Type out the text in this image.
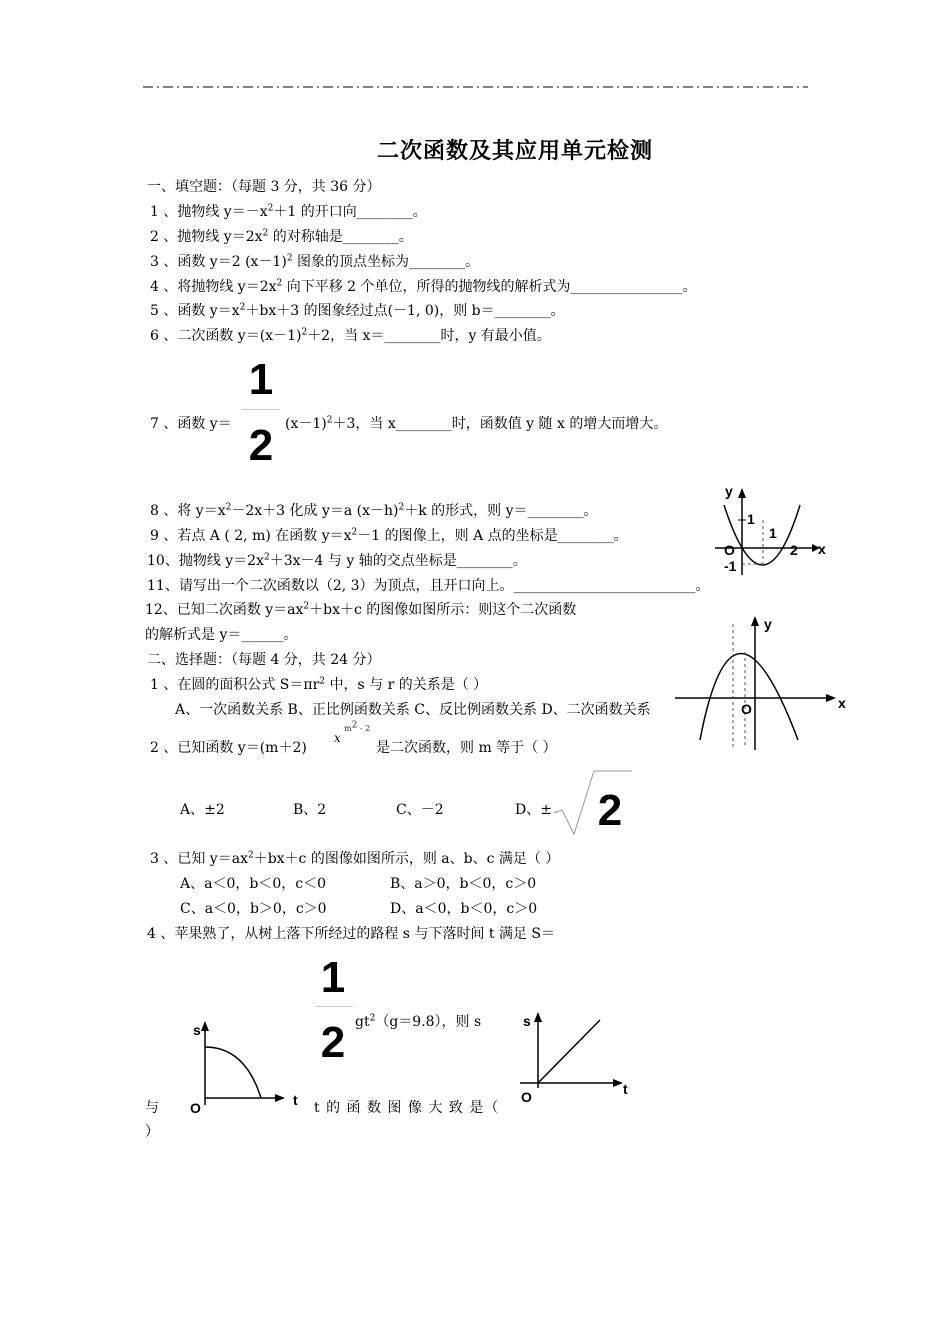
二次函数及其应用单元检测
一、填空题：（每题 3 分，共 36 分）
1 、抛物线 $y=-x^2+1$ 的开口向________。
2 、抛物线 $y=2x^2$ 的对称轴是________。
3 、函数 y＝2 $(x-1)^2$ 图象的顶点坐标为________。
4 、将抛物线 $y=2x^2$ 向下平移 2 个单位，所得的抛物线的解析式为________________。
5 、函数 $y=x^2+bx+3$ 的图象经过点(－1, 0)，则 b＝________。
6 、二次函数 $y=(x-1)^2+2$，当 x＝________时，y 有最小值。
7 、函数 y＝
1
2 $(x-1)^2+3$，当 x________时，函数值 y 随 x 的增大而增大。
8 、将 $y=x^2-2x+3$ 化成 y＝a $(x-h)^2+k$ 的形式，则 y＝________。
9 、若点 A ( 2, m) 在函数 $y=x^2-1$ 的图像上，则 A 点的坐标是________。
10、抛物线 $y=2x^2+3x-4$ 与 y 轴的交点坐标是________。
11、请写出一个二次函数以（2, 3）为顶点，且开口向上。__________________________。
12、已知二次函数 $y=ax^2+bx+c$ 的图像如图所示：则这个二次函数
的解析式是 y＝______。
y
1
1
O	2 x
-1
二、选择题：（每题 4 分，共 24 分）
1 、在圆的面积公式 $S=\pi r^2$ 中，s 与 r 的关系是（ ）
A、一次函数关系 B、正比例函数关系 C、反比例函数关系 D、二次函数关系
y
x
O
2 、已知函数 y＝(m＋2)
x
$m^2 - 2$
是二次函数，则 m 等于（ ）
A、±2	B、2	C、－2	D、± 2
3 、已知 $y=ax^2+bx+c$ 的图像如图所示，则 a、b、c 满足（ ）
A、a＜0，b＜0，c＜0	B、a＞0，b＜0，c＞0
C、a＜0，b＞0，c＞0	D、a＜0，b＜0，c＞0
4 、苹果熟了，从树上落下所经过的路程 s 与下落时间 t 满足 S＝
1
2 $gt^2(g=9.8)$，则 s
与	t 的 函 数 图 像 大 致 是（
）
s
t
O
s
t
O
